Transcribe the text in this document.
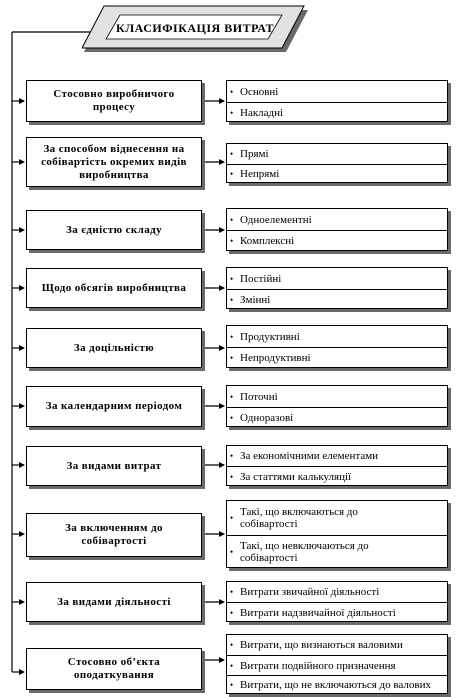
КЛАСИФІКАЦІЯ ВИТРАТ
Стосовно виробничого процесу
• Основні
• Накладні
За способом віднесення на собівартість окремих видів виробництва
• Прямі
• Непрямі
За єдністю складу
• Одноелементні
• Комплексні
Щодо обсягів виробництва
• Постійні
• Змінні
За доцільністю
• Продуктивні
• Непродуктивні
За календарним періодом
• Поточні
• Одноразові
За видами витрат
• За економічними елементами
• За статтями калькуляції
За включенням до собівартості
• Такі, що включаються до собівартості
• Такі, що невключаються до собівартості
За видами діяльності
• Витрати звичайної діяльності
• Витрати надзвичайної діяльності
Стосовно об’єкта оподаткування
• Витрати, що визнаються валовими
• Витрати подвійного призначення
• Витрати, що не включаються до валових
